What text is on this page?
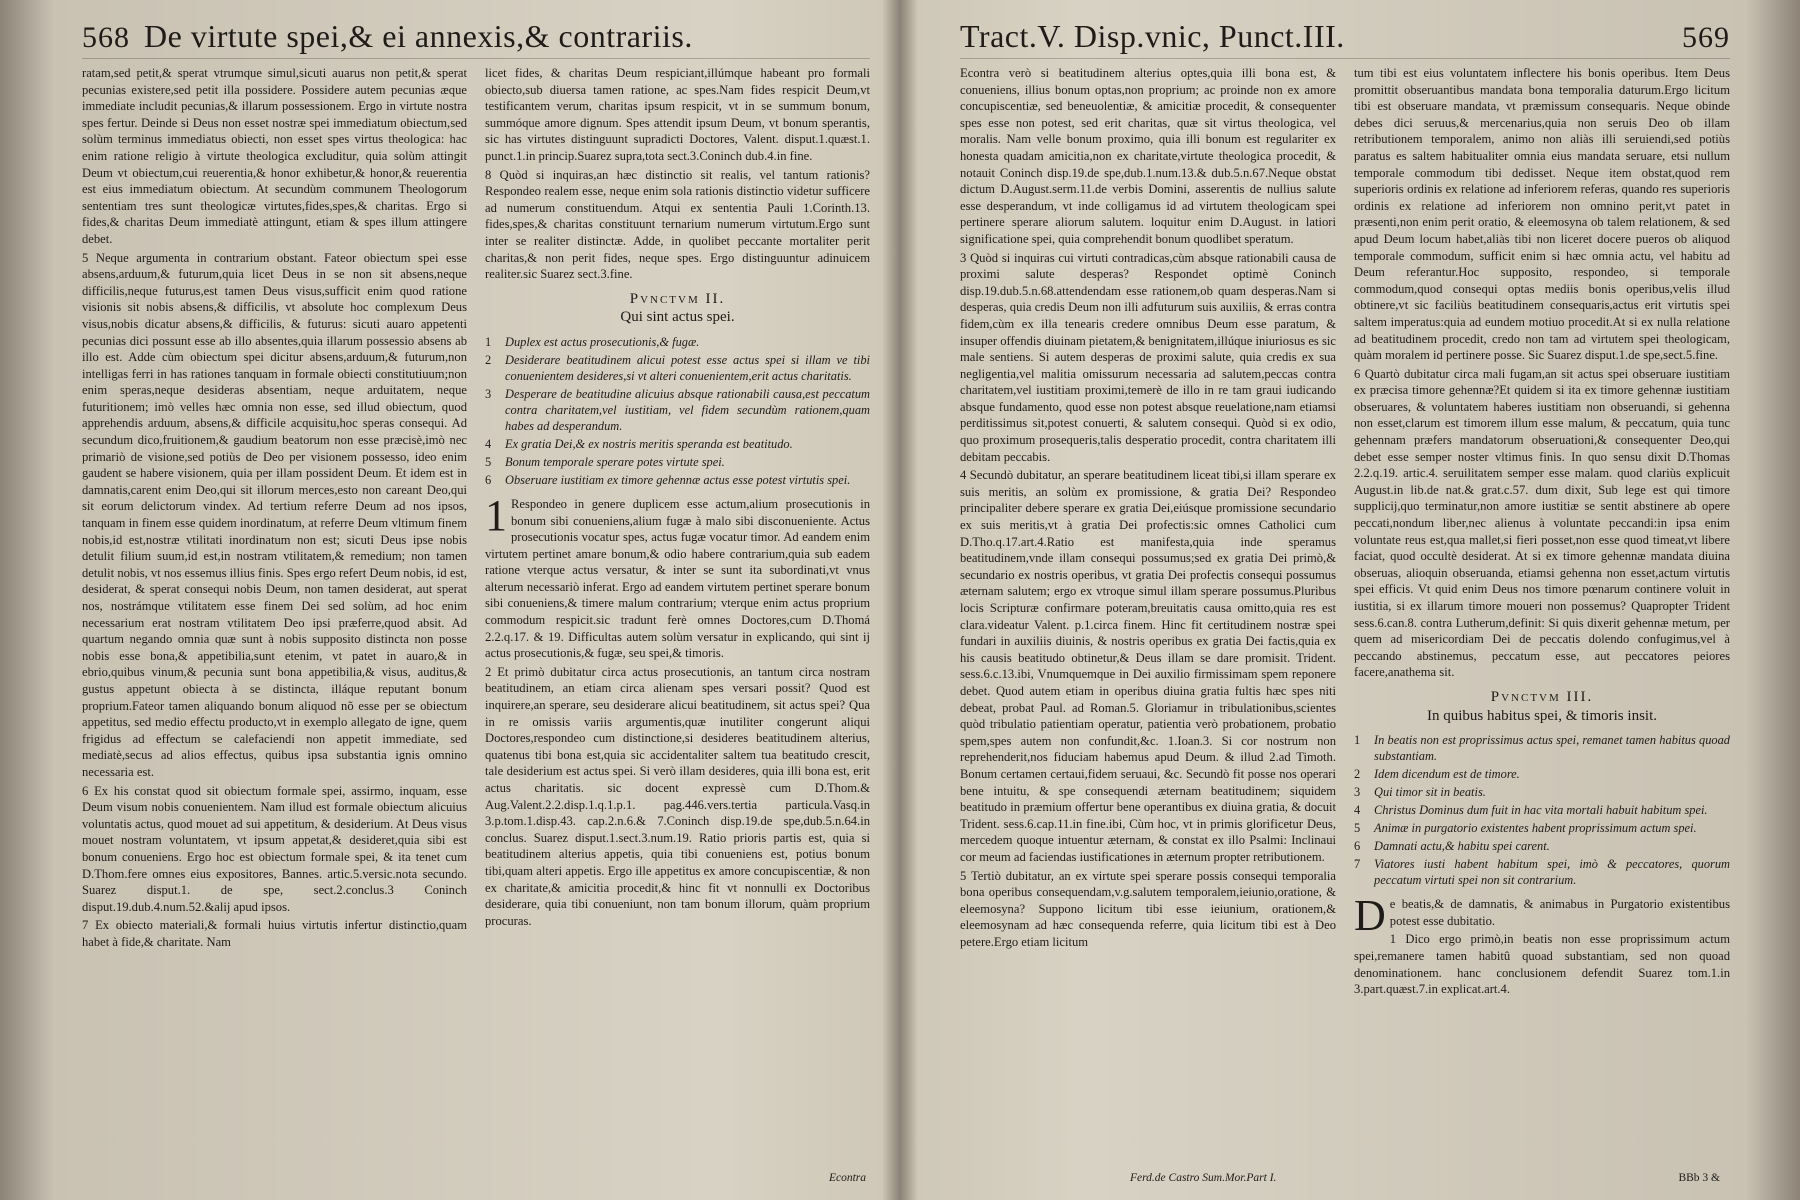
568 De virtute spei,& ei annexis,& contrariis.

ratam,sed petit,& sperat vtrumque simul,sicuti auarus non petit,& sperat pecunias existere,sed petit illa possidere. Possidere autem pecunias æque immediate includit pecunias,& illarum possessionem. Ergo in virtute nostra spes fertur. Deinde si Deus non esset nostræ spei immediatum obiectum,sed solùm terminus immediatus obiecti, non esset spes virtus theologica: hac enim ratione religio à virtute theologica excluditur, quia solùm attingit Deum vt obiectum,cui reuerentia,& honor exhibetur,& honor,& reuerentia est eius immediatum obiectum. At secundùm communem Theologorum sententiam tres sunt theologicæ virtutes,fides,spes,& charitas. Ergo si fides,& charitas Deum immediatè attingunt, etiam & spes illum attingere debet.

5 Neque argumenta in contrarium obstant. Fateor obiectum spei esse absens,arduum,& futurum,quia licet Deus in se non sit absens,neque difficilis,neque futurus,est tamen Deus visus,sufficit enim quod ratione visionis sit nobis absens,& difficilis, vt absolute hoc complexum Deus visus,nobis dicatur absens,& difficilis, & futurus: sicuti auaro appetenti pecunias dici possunt esse ab illo absentes,quia illarum possessio absens ab illo est. Adde cùm obiectum spei dicitur absens,arduum,& futurum,non intelligas ferri in has rationes tanquam in formale obiecti constitutiuum;non enim speras,neque desideras absentiam, neque arduitatem, neque futuritionem; imò velles hæc omnia non esse, sed illud obiectum, quod apprehendis arduum, absens,& difficile acquisitu,hoc speras consequi. Ad secundum dico,fruitionem,& gaudium beatorum non esse præcisè,imò nec primariò de visione,sed potiùs de Deo per visionem possesso, ideo enim gaudent se habere visionem, quia per illam possident Deum. Et idem est in damnatis,carent enim Deo,qui sit illorum merces,esto non careant Deo,qui sit eorum delictorum vindex. Ad tertium referre Deum ad nos ipsos, tanquam in finem esse quidem inordinatum, at referre Deum vltimum finem nobis,id est,nostræ vtilitati inordinatum non est; sicuti Deus ipse nobis detulit filium suum,id est,in nostram vtilitatem,& remedium; non tamen detulit nobis, vt nos essemus illius finis. Spes ergo refert Deum nobis, id est, desiderat, & sperat consequi nobis Deum, non tamen desiderat, aut sperat nos, nostrámque vtilitatem esse finem Dei sed solùm, ad hoc enim necessarium erat nostram vtilitatem Deo ipsi præferre,quod absit. Ad quartum negando omnia quæ sunt à nobis supposito distincta non posse nobis esse bona,& appetibilia,sunt etenim, vt patet in auaro,& in ebrio,quibus vinum,& pecunia sunt bona appetibilia,& visus, auditus,& gustus appetunt obiecta à se distincta, illáque reputant bonum proprium.Fateor tamen aliquando bonum aliquod nõ esse per se obiectum appetitus, sed medio effectu producto,vt in exemplo allegato de igne, quem frigidus ad effectum se calefaciendi non appetit immediate, sed mediatè,secus ad alios effectus, quibus ipsa substantia ignis omnino necessaria est.

6 Ex his constat quod sit obiectum formale spei, assirmo, inquam, esse Deum visum nobis conuenientem. Nam illud est formale obiectum alicuius voluntatis actus, quod mouet ad sui appetitum, & desiderium. At Deus visus mouet nostram voluntatem, vt ipsum appetat,& desideret,quia sibi est bonum conueniens. Ergo hoc est obiectum formale spei, & ita tenet cum D.Thom.fere omnes eius expositores, Bannes. artic.5.versic.nota secundo. Suarez disput.1. de spe, sect.2.conclus.3 Coninch disput.19.dub.4.num.52.&alij apud ipsos.

7 Ex obiecto materiali,& formali huius virtutis infertur distinctio,quam habet à fide,& charitate. Nam

licet fides, & charitas Deum respiciant,illúmque habeant pro formali obiecto,sub diuersa tamen ratione, ac spes.Nam fides respicit Deum,vt testificantem verum, charitas ipsum respicit, vt in se summum bonum, summóque amore dignum. Spes attendit ipsum Deum, vt bonum sperantis, sic has virtutes distinguunt supradicti Doctores, Valent. disput.1.quæst.1. punct.1.in princip.Suarez supra,tota sect.3.Coninch dub.4.in fine.

8 Quòd si inquiras,an hæc distinctio sit realis, vel tantum rationis? Respondeo realem esse, neque enim sola rationis distinctio videtur sufficere ad numerum constituendum. Atqui ex sententia Pauli 1.Corinth.13. fides,spes,& charitas constituunt ternarium numerum virtutum.Ergo sunt inter se realiter distinctæ. Adde, in quolibet peccante mortaliter perit charitas,& non perit fides, neque spes. Ergo distinguuntur adinuicem realiter.sic Suarez sect.3.fine.

Pvnctvm II.
Qui sint actus spei.
1	Duplex est actus prosecutionis,& fugæ.
2	Desiderare beatitudinem alicui potest esse actus spei si illam ve tibi conuenientem desideres,si vt alteri conuenientem,erit actus charitatis.
3	Desperare de beatitudine alicuius absque rationabili causa,est peccatum contra charitatem,vel iustitiam, vel fidem secundùm rationem,quam habes ad desperandum.
4	Ex gratia Dei,& ex nostris meritis speranda est beatitudo.
5	Bonum temporale sperare potes virtute spei.
6	Obseruare iustitiam ex timore gehennæ actus esse potest virtutis spei.

1Respondeo in genere duplicem esse actum,alium prosecutionis in bonum sibi conueniens,alium fugæ à malo sibi disconueniente. Actus prosecutionis vocatur spes, actus fugæ vocatur timor. Ad eandem enim virtutem pertinet amare bonum,& odio habere contrarium,quia sub eadem ratione vterque actus versatur, & inter se sunt ita subordinati,vt vnus alterum necessariò inferat. Ergo ad eandem virtutem pertinet sperare bonum sibi conueniens,& timere malum contrarium; vterque enim actus proprium commodum respicit.sic tradunt ferè omnes Doctores,cum D.Thomá 2.2.q.17. & 19. Difficultas autem solùm versatur in explicando, qui sint ij actus prosecutionis,& fugæ, seu spei,& timoris.

2 Et primò dubitatur circa actus prosecutionis, an tantum circa nostram beatitudinem, an etiam circa alienam spes versari possit? Quod est inquirere,an sperare, seu desiderare alicui beatitudinem, sit actus spei? Qua in re omissis variis argumentis,quæ inutiliter congerunt aliqui Doctores,respondeo cum distinctione,si desideres beatitudinem alterius, quatenus tibi bona est,quia sic accidentaliter saltem tua beatitudo crescit, tale desiderium est actus spei. Si verò illam desideres, quia illi bona est, erit actus charitatis. sic docent expressè cum D.Thom.& Aug.Valent.2.2.disp.1.q.1.p.1. pag.446.vers.tertia particula.Vasq.in 3.p.tom.1.disp.43. cap.2.n.6.& 7.Coninch disp.19.de spe,dub.5.n.64.in conclus. Suarez disput.1.sect.3.num.19. Ratio prioris partis est, quia si beatitudinem alterius appetis, quia tibi conueniens est, potius bonum tibi,quam alteri appetis. Ergo ille appetitus ex amore concupiscentiæ, & non ex charitate,& amicitia procedit,& hinc fit vt nonnulli ex Doctoribus desiderare, quia tibi conueniunt, non tam bonum illorum, quàm proprium procuras.

Econtra
Tract.V. Disp.vnic, Punct.III.	569

Econtra verò si beatitudinem alterius optes,quia illi bona est, & conueniens, illius bonum optas,non proprium; ac proinde non ex amore concupiscentiæ, sed beneuolentiæ, & amicitiæ procedit, & consequenter spes esse non potest, sed erit charitas, quæ sit virtus theologica, vel moralis. Nam velle bonum proximo, quia illi bonum est regulariter ex honesta quadam amicitia,non ex charitate,virtute theologica procedit, & notauit Coninch disp.19.de spe,dub.1.num.13.& dub.5.n.67.Neque obstat dictum D.August.serm.11.de verbis Domini, asserentis de nullius salute esse desperandum, vt inde colligamus id ad virtutem theologicam spei pertinere sperare aliorum salutem. loquitur enim D.August. in latiori significatione spei, quia comprehendit bonum quodlibet speratum.

3 Quòd si inquiras cui virtuti contradicas,cùm absque rationabili causa de proximi salute desperas? Respondet optimè Coninch disp.19.dub.5.n.68.attendendam esse rationem,ob quam desperas.Nam si desperas, quia credis Deum non illi adfuturum suis auxiliis, & erras contra fidem,cùm ex illa tenearis credere omnibus Deum esse paratum, & insuper offendis diuinam pietatem,& benignitatem,illúque iniuriosus es sic male sentiens. Si autem desperas de proximi salute, quia credis ex sua negligentia,vel malitia omissurum necessaria ad salutem,peccas contra charitatem,vel iustitiam proximi,temerè de illo in re tam graui iudicando absque fundamento, quod esse non potest absque reuelatione,nam etiamsi perditissimus sit,potest conuerti, & salutem consequi. Quòd si ex odio, quo proximum prosequeris,talis desperatio procedit, contra charitatem illi debitam peccabis.

4 Secundò dubitatur, an sperare beatitudinem liceat tibi,si illam sperare ex suis meritis, an solùm ex promissione, & gratia Dei? Respondeo principaliter debere sperare ex gratia Dei,eiúsque promissione secundario ex suis meritis,vt à gratia Dei profectis:sic omnes Catholici cum D.Tho.q.17.art.4.Ratio est manifesta,quia inde speramus beatitudinem,vnde illam consequi possumus;sed ex gratia Dei primò,& secundario ex nostris operibus, vt gratia Dei profectis consequi possumus æternam salutem; ergo ex vtroque simul illam sperare possumus.Pluribus locis Scripturæ confirmare poteram,breuitatis causa omitto,quia res est clara.videatur Valent. p.1.circa finem. Hinc fit certitudinem nostræ spei fundari in auxiliis diuinis, & nostris operibus ex gratia Dei factis,quia ex his causis beatitudo obtinetur,& Deus illam se dare promisit. Trident. sess.6.c.13.ibi, Vnumquemque in Dei auxilio firmissimam spem reponere debet. Quod autem etiam in operibus diuina gratia fultis hæc spes niti debeat, probat Paul. ad Roman.5. Gloriamur in tribulationibus,scientes quòd tribulatio patientiam operatur, patientia verò probationem, probatio spem,spes autem non confundit,&c. 1.Ioan.3. Si cor nostrum non reprehenderit,nos fiduciam habemus apud Deum. & illud 2.ad Timoth. Bonum certamen certaui,fidem seruaui, &c. Secundò fit posse nos operari bene intuitu, & spe consequendi æternam beatitudinem; siquidem beatitudo in præmium offertur bene operantibus ex diuina gratia, & docuit Trident. sess.6.cap.11.in fine.ibi, Cùm hoc, vt in primis glorificetur Deus, mercedem quoque intuentur æternam, & constat ex illo Psalmi: Inclinaui cor meum ad faciendas iustificationes in æternum propter retributionem.

5 Tertiò dubitatur, an ex virtute spei sperare possis consequi temporalia bona operibus consequendam,v.g.salutem temporalem,ieiunio,oratione, & eleemosyna? Suppono licitum tibi esse ieiunium, orationem,& eleemosynam ad hæc consequenda referre, quia licitum tibi est à Deo petere.Ergo etiam licitum

tum tibi est eius voluntatem inflectere his bonis operibus. Item Deus promittit obseruantibus mandata bona temporalia daturum.Ergo licitum tibi est obseruare mandata, vt præmissum consequaris. Neque obinde debes dici seruus,& mercenarius,quia non seruis Deo ob illam retributionem temporalem, animo non aliàs illi seruiendi,sed potiùs paratus es saltem habitualiter omnia eius mandata seruare, etsi nullum temporale commodum tibi dedisset. Neque item obstat,quod rem superioris ordinis ex relatione ad inferiorem referas, quando res superioris ordinis ex relatione ad inferiorem non omnino perit,vt patet in præsenti,non enim perit oratio, & eleemosyna ob talem relationem, & sed apud Deum locum habet,aliàs tibi non liceret docere pueros ob aliquod temporale commodum, sufficit enim si hæc omnia actu, vel habitu ad Deum referantur.Hoc supposito, respondeo, si temporale commodum,quod consequi optas mediis bonis operibus,velis illud obtinere,vt sic faciliùs beatitudinem consequaris,actus erit virtutis spei saltem imperatus:quia ad eundem motiuo procedit.At si ex nulla relatione ad beatitudinem procedit, credo non tam ad virtutem spei theologicam, quàm moralem id pertinere posse. Sic Suarez disput.1.de spe,sect.5.fine.

6 Quartò dubitatur circa mali fugam,an sit actus spei obseruare iustitiam ex præcisa timore gehennæ?Et quidem si ita ex timore gehennæ iustitiam obseruares, & voluntatem haberes iustitiam non obseruandi, si gehenna non esset,clarum est timorem illum esse malum, & peccatum, quia tunc gehennam præfers mandatorum obseruationi,& consequenter Deo,qui debet esse semper noster vltimus finis. In quo sensu dixit D.Thomas 2.2.q.19. artic.4. seruilitatem semper esse malam. quod clariùs explicuit August.in lib.de nat.& grat.c.57. dum dixit, Sub lege est qui timore supplicij,quo terminatur,non amore iustitiæ se sentit abstinere ab opere peccati,nondum liber,nec alienus à voluntate peccandi:in ipsa enim voluntate reus est,qua mallet,si fieri posset,non esse quod timeat,vt libere faciat, quod occultè desiderat. At si ex timore gehennæ mandata diuina obseruas, alioquin obseruanda, etiamsi gehenna non esset,actum virtutis spei efficis. Vt quid enim Deus nos timore pœnarum continere voluit in iustitia, si ex illarum timore moueri non possemus? Quapropter Trident sess.6.can.8. contra Lutherum,definit: Si quis dixerit gehennæ metum, per quem ad misericordiam Dei de peccatis dolendo confugimus,vel à peccando abstinemus, peccatum esse, aut peccatores peiores facere,anathema sit.

Pvnctvm III.
In quibus habitus spei, & timoris insit.
1	In beatis non est proprissimus actus spei, remanet tamen habitus quoad substantiam.
2	Idem dicendum est de timore.
3	Qui timor sit in beatis.
4	Christus Dominus dum fuit in hac vita mortali habuit habitum spei.
5	Animæ in purgatorio existentes habent proprissimum actum spei.
6	Damnati actu,& habitu spei carent.
7	Viatores iusti habent habitum spei, imò & peccatores, quorum peccatum virtuti spei non sit contrarium.

De beatis,& de damnatis, & animabus in Purgatorio existentibus potest esse dubitatio.

1 Dico ergo primò,in beatis non esse proprissimum actum spei,remanere tamen habitû quoad substantiam, sed non quoad denominationem. hanc conclusionem defendit Suarez tom.1.in 3.part.quæst.7.in explicat.art.4.

Ferd.de Castro Sum.Mor.Part I.	BBb 3 &
